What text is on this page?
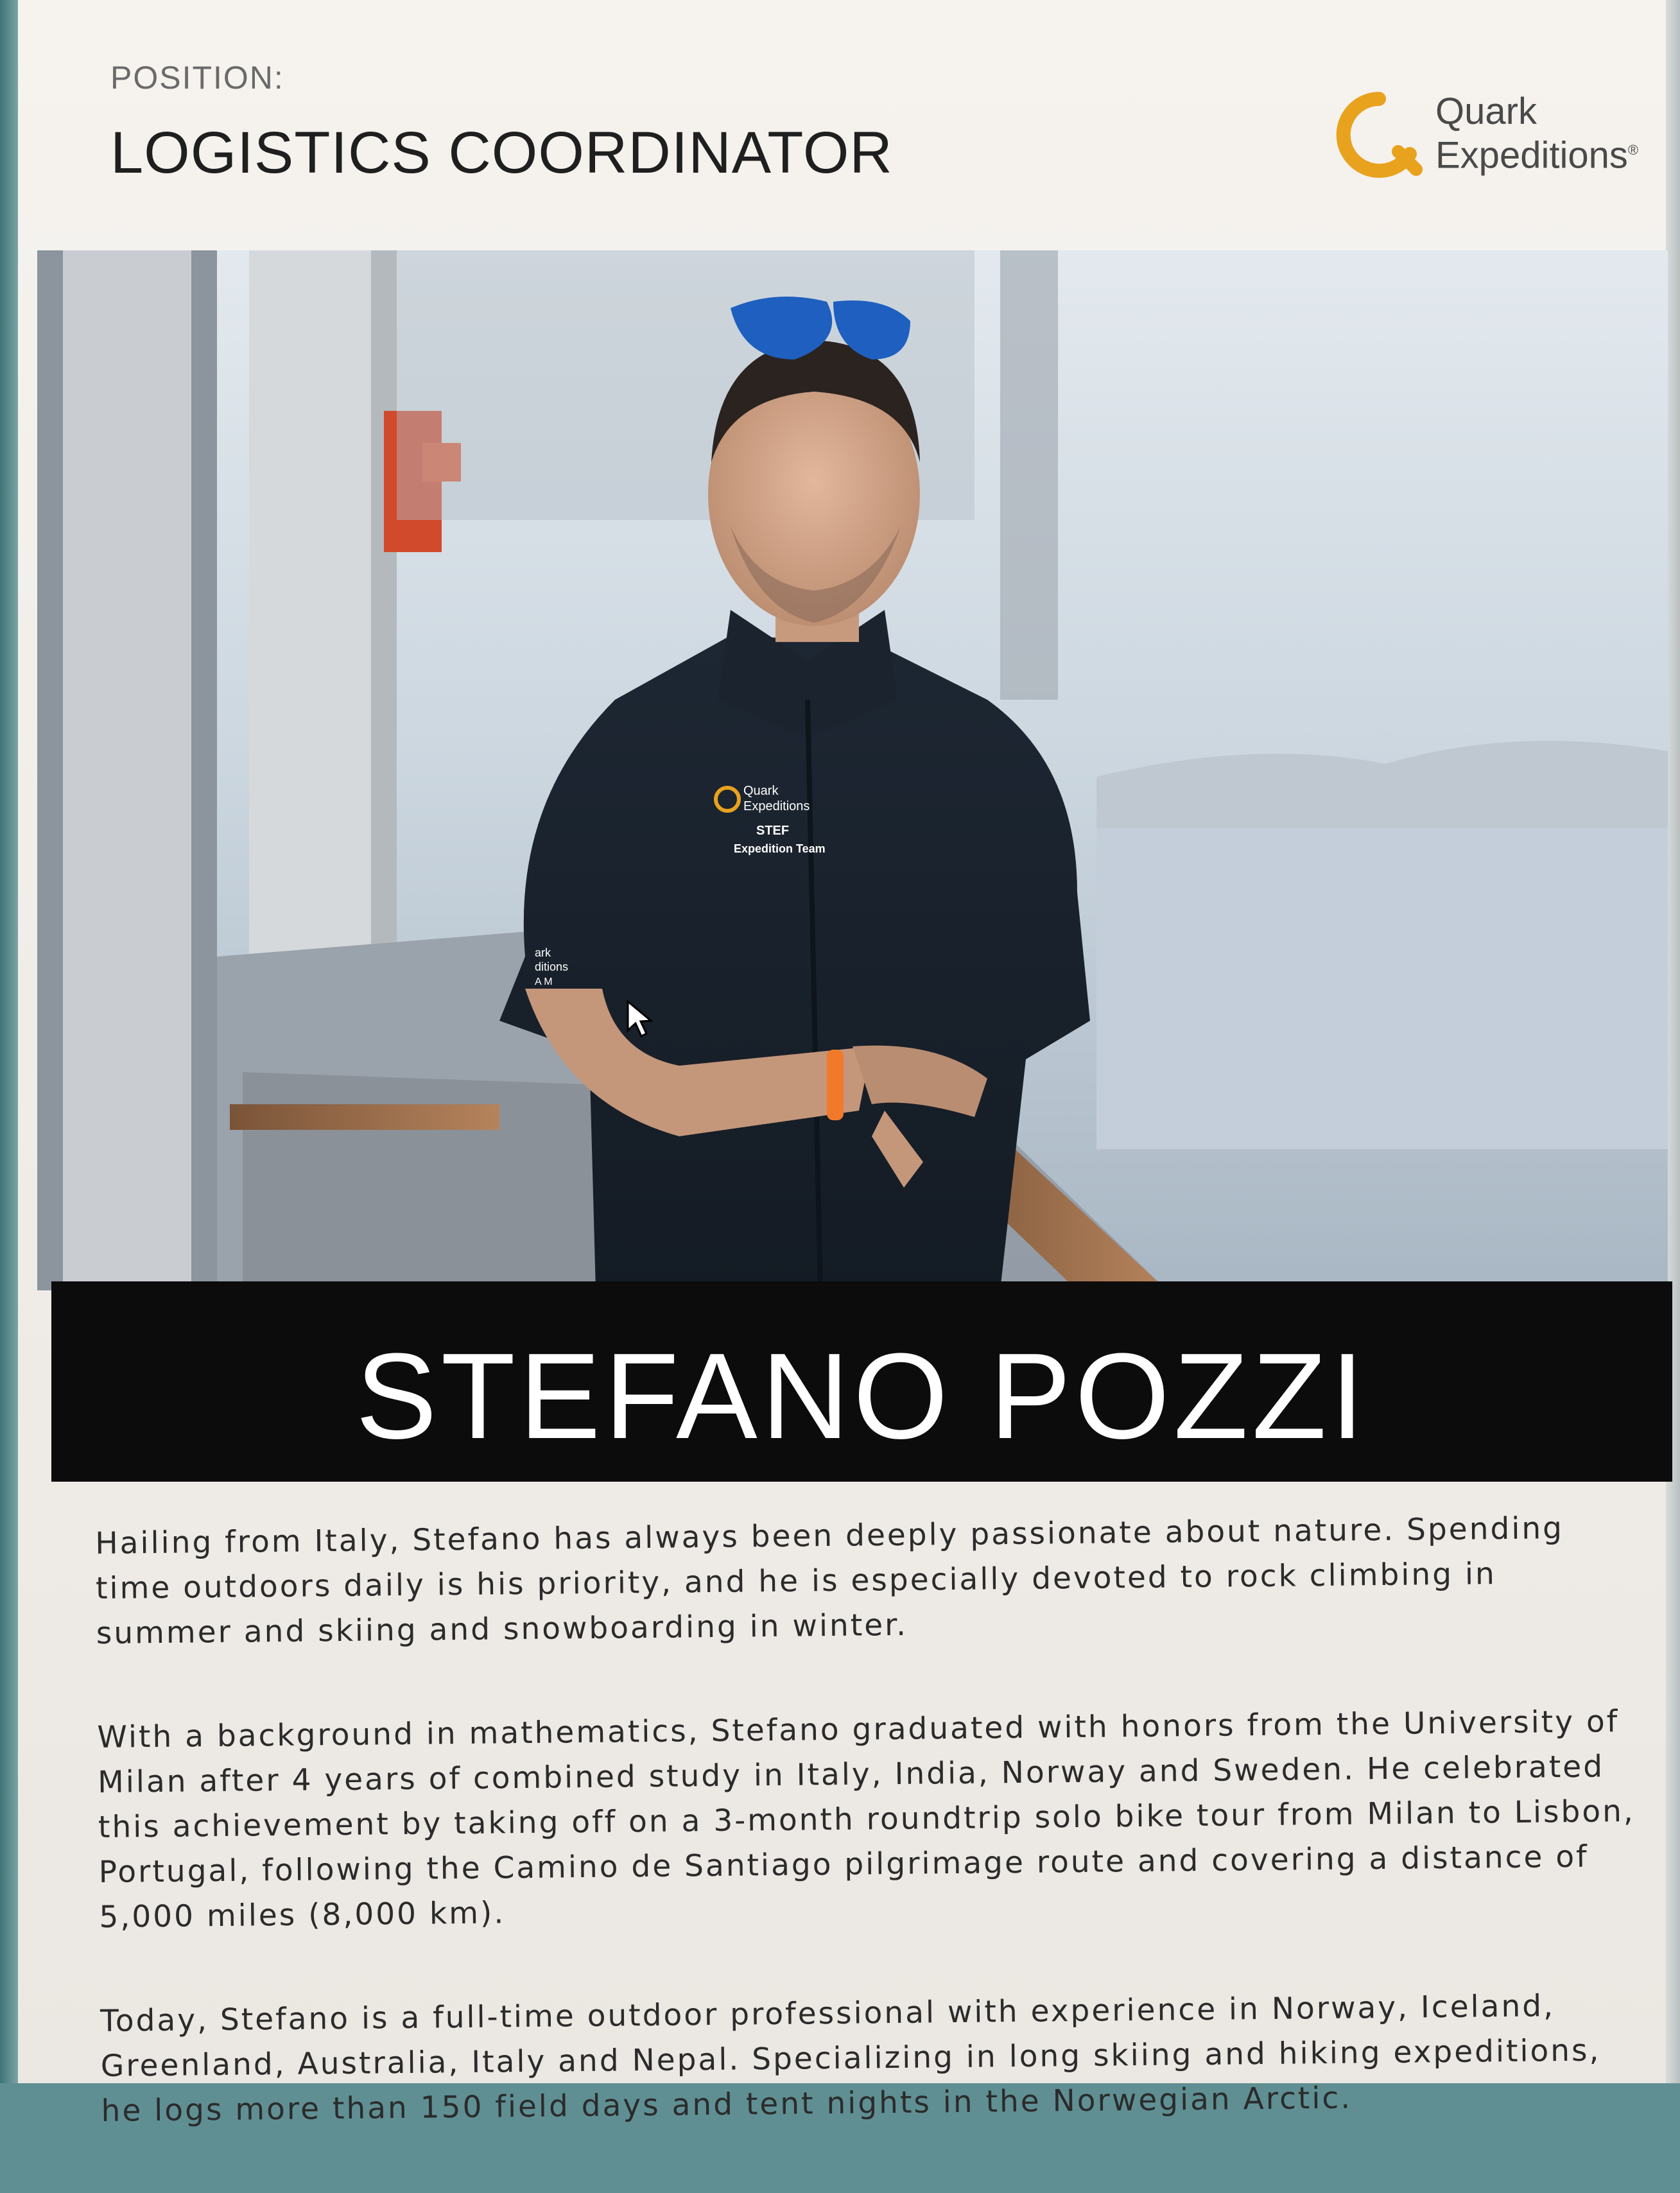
POSITION:
LOGISTICS COORDINATOR
Quark
Expeditions®
Quark
Expeditions
STEF
Expedition Team
ark
ditions
A M
STEFANO POZZI

Hailing from Italy, Stefano has always been deeply passionate about nature. Spending time outdoors daily is his priority, and he is especially devoted to rock climbing in summer and skiing and snowboarding in winter.

With a background in mathematics, Stefano graduated with honors from the University of Milan after 4 years of combined study in Italy, India, Norway and Sweden. He celebrated this achievement by taking off on a 3-month roundtrip solo bike tour from Milan to Lisbon, Portugal, following the Camino de Santiago pilgrimage route and covering a distance of 5,000 miles (8,000 km).

Today, Stefano is a full-time outdoor professional with experience in Norway, Iceland, Greenland, Australia, Italy and Nepal. Specializing in long skiing and hiking expeditions, he logs more than 150 field days and tent nights in the Norwegian Arctic.
